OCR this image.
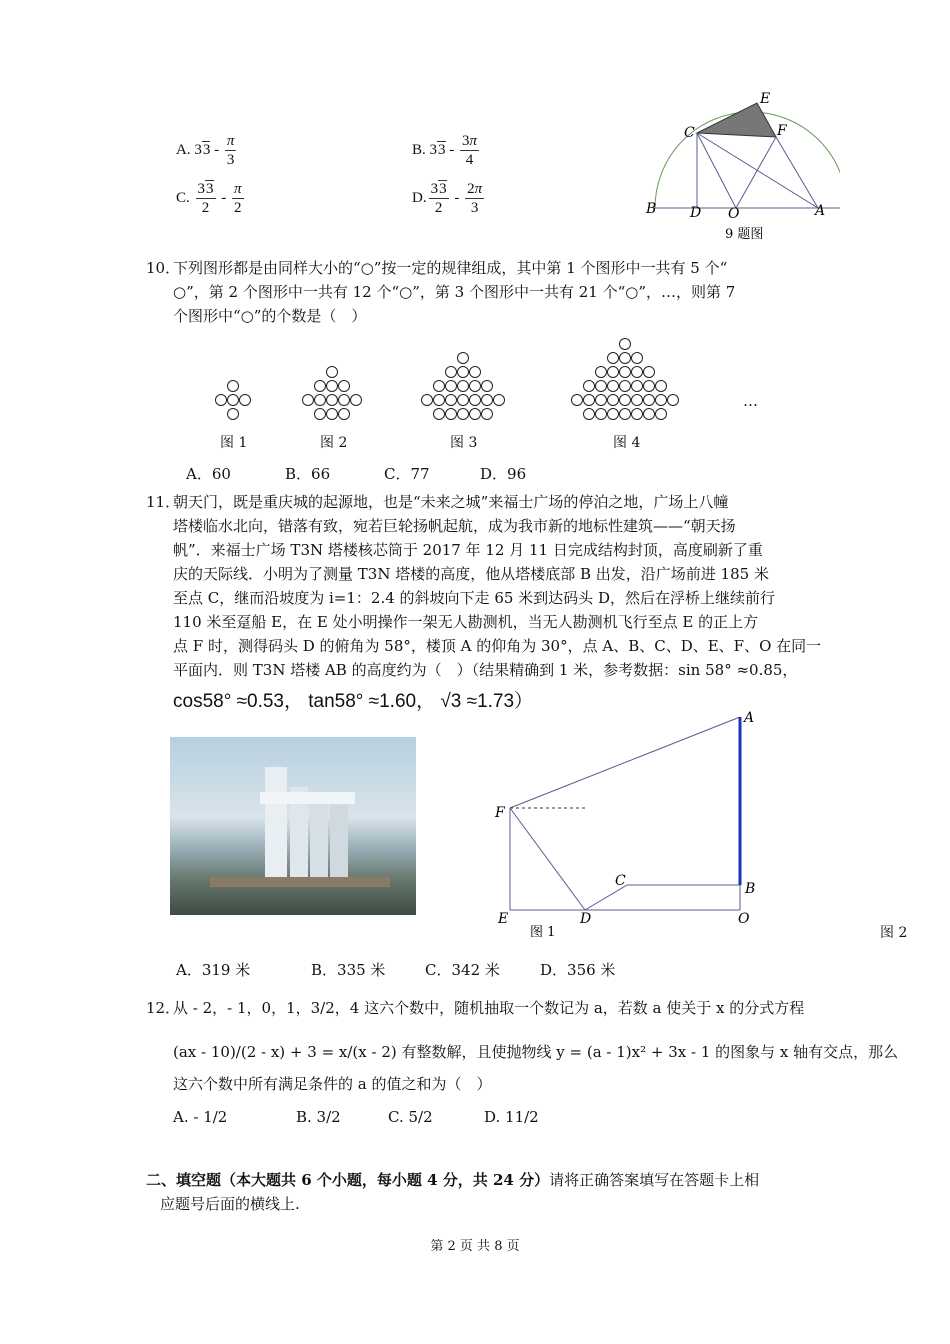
A. $33 - \frac{\pi}{3}$	B. $33 - \frac{3\pi}{4}$
C. $\frac{33}{2} - \frac{\pi}{2}$	D. $\frac{33}{2} - \frac{2\pi}{3}$
E
C	F
B D O	A
9 题图
10．
下列图形都是由同样大小的“○”按一定的规律组成，其中第 1 个图形中一共有 5 个“
○”，第 2 个图形中一共有 12 个“○”，第 3 个图形中一共有 21 个“○”，…，则第 7
个图形中“○”的个数是（　）
图 1	图 2	图 3	图 4
…
A．60	B．66	C．77	D．96
11．
朝天门，既是重庆城的起源地，也是“未来之城”来福士广场的停泊之地，广场上八幢
塔楼临水北向，错落有致，宛若巨轮扬帆起航，成为我市新的地标性建筑——“朝天扬
帆”．来福士广场 T3N 塔楼核芯筒于 2017 年 12 月 11 日完成结构封顶，高度刷新了重
庆的天际线．小明为了测量 T3N 塔楼的高度，他从塔楼底部 B 出发，沿广场前进 185 米
至点 C，继而沿坡度为 i=1：2.4 的斜坡向下走 65 米到达码头 D，然后在浮桥上继续前行
110 米至趸船 E，在 E 处小明操作一架无人勘测机，当无人勘测机飞行至点 E 的正上方
点 F 时，测得码头 D 的俯角为 58°，楼顶 A 的仰角为 30°，点 A、B、C、D、E、F、O 在同一
平面内．则 T3N 塔楼 AB 的高度约为（　）（结果精确到 1 米，参考数据：sin 58° ≈0.85，
cos58° ≈0.53， tan58° ≈1.60， √3 ≈1.73）
A
F
C	B
E	D	O
图 1	图 2
A．319 米	B．335 米	C．342 米	D．356 米
12．
从 - 2，- 1，0，1，3/2，4 这六个数中，随机抽取一个数记为 a，若数 a 使关于 x 的分式方程
(ax - 10)/(2 - x) + 3 = x/(x - 2) 有整数解，且使抛物线 y = (a - 1)x² + 3x - 1 的图象与 x 轴有交点，那么
这六个数中所有满足条件的 a 的值之和为（　）
A. - 1/2	B. 3/2	C. 5/2	D. 11/2
二、填空题（本大题共 6 个小题，每小题 4 分，共 24 分）请将正确答案填写在答题卡上相
应题号后面的横线上.
第 2 页 共 8 页
